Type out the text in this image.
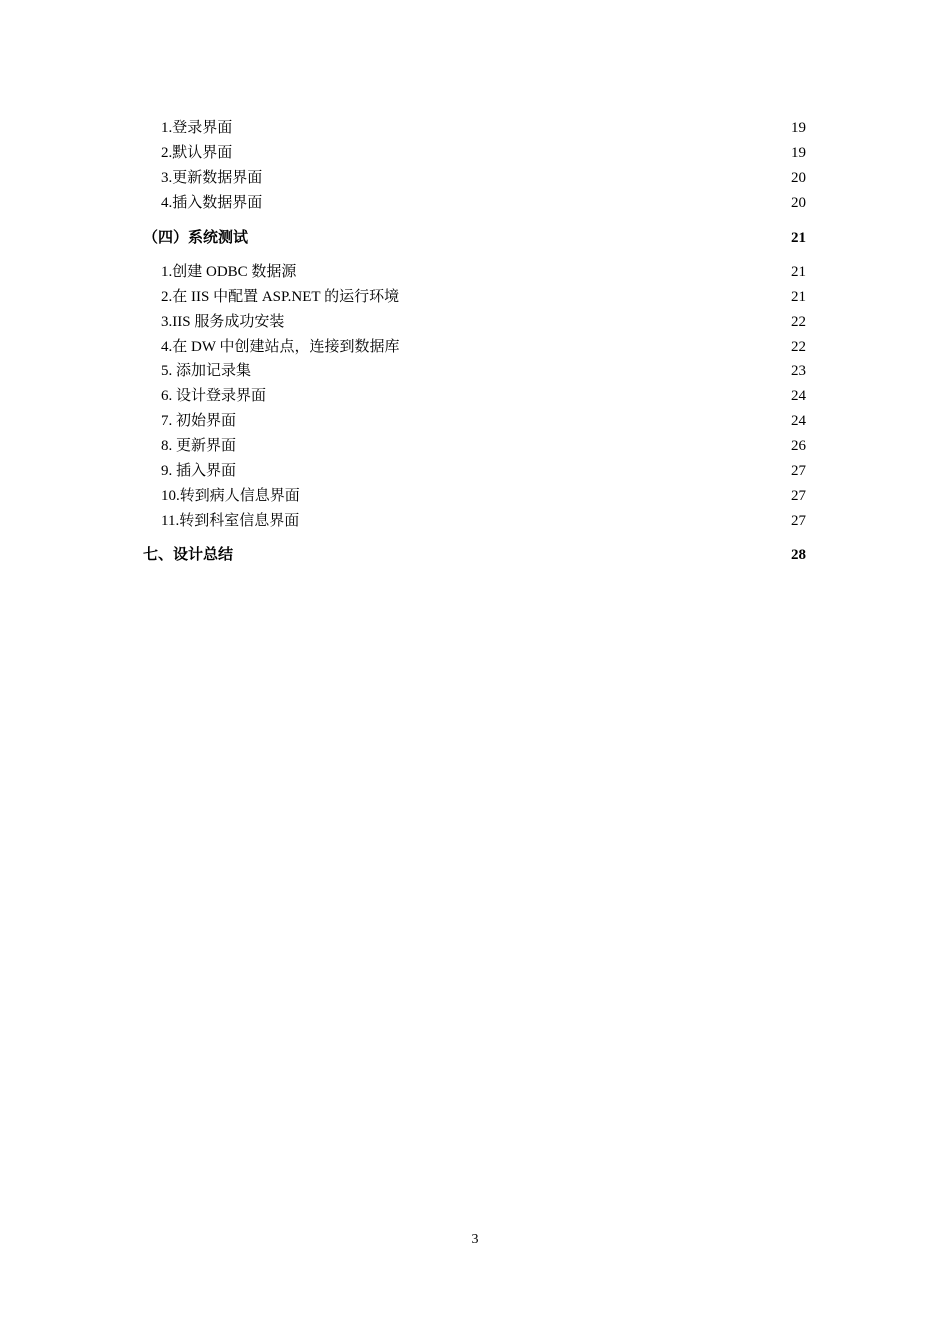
1.登录界面	19
2.默认界面	19
3.更新数据界面	20
4.插入数据界面	20
（四）系统测试	21
1.创建 ODBC 数据源	21
2.在 IIS 中配置 ASP.NET 的运行环境	21
3.IIS 服务成功安装	22
4.在 DW 中创建站点，连接到数据库	22
5. 添加记录集	23
6. 设计登录界面	24
7. 初始界面	24
8. 更新界面	26
9. 插入界面	27
10.转到病人信息界面	27
11.转到科室信息界面	27
七、设计总结	28
3
